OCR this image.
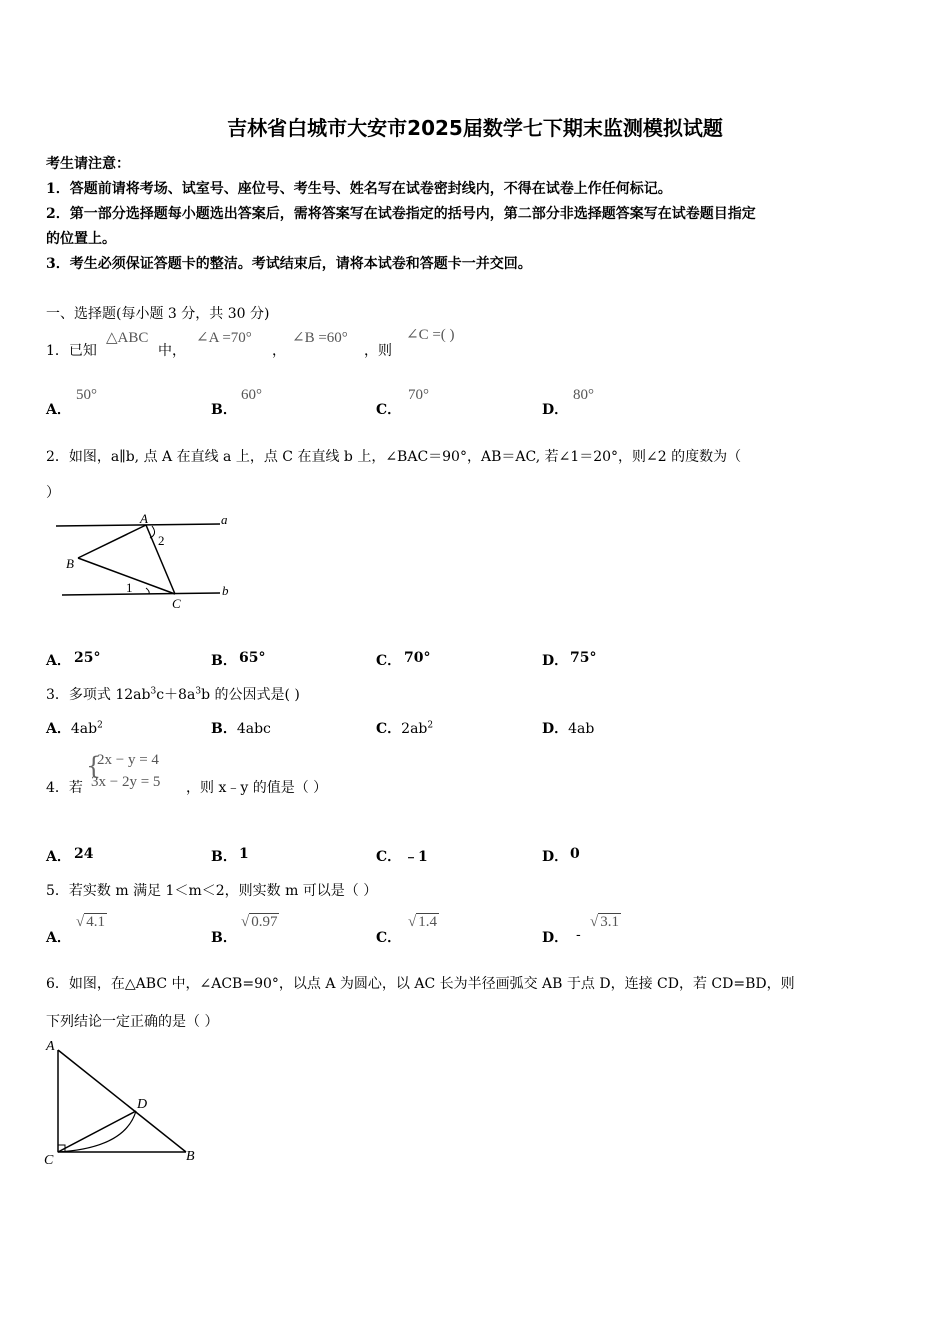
吉林省白城市大安市2025届数学七下期末监测模拟试题
考生请注意：
1．答题前请将考场、试室号、座位号、考生号、姓名写在试卷密封线内，不得在试卷上作任何标记。
2．第一部分选择题每小题选出答案后，需将答案写在试卷指定的括号内，第二部分非选择题答案写在试卷题目指定
的位置上。
3．考生必须保证答题卡的整洁。考试结束后，请将本试卷和答题卡一并交回。
一、选择题(每小题 3 分，共 30 分)
1．已知
△ABC
中，
∠A =70°
，
∠B =60°
，则
∠C =( )
A．
50°
B．
60°
C．
70°
D．
80°
2．如图，a∥b, 点 A 在直线 a 上，点 C 在直线 b 上，∠BAC＝90°，AB＝AC, 若∠1＝20°，则∠2 的度数为（
）
A
B
C
a
b
1
2
A． 25°	B． 65°	C． 70°	D． 75°
3．多项式 $12ab^3c+8a^3b$ 的公因式是( )
A．$4ab^2$	B．4abc	C．$2ab^2$	D．4ab
4．若
{
2x − y = 4
3x − 2y = 5 ，则 x﹣y 的值是（ ）
A． 24	B． 1	C． ﹣1	D． 0
5．若实数 m 满足 1＜m＜2，则实数 m 可以是（ ）
A．
√ 4.1
B．
√ 0.97
C．
√ 1.4
D． -
√ 3.1
6．如图，在△ABC 中，∠ACB=90°，以点 A 为圆心，以 AC 长为半径画弧交 AB 于点 D，连接 CD，若 CD=BD，则
下列结论一定正确的是（ ）
A
C	B
D
